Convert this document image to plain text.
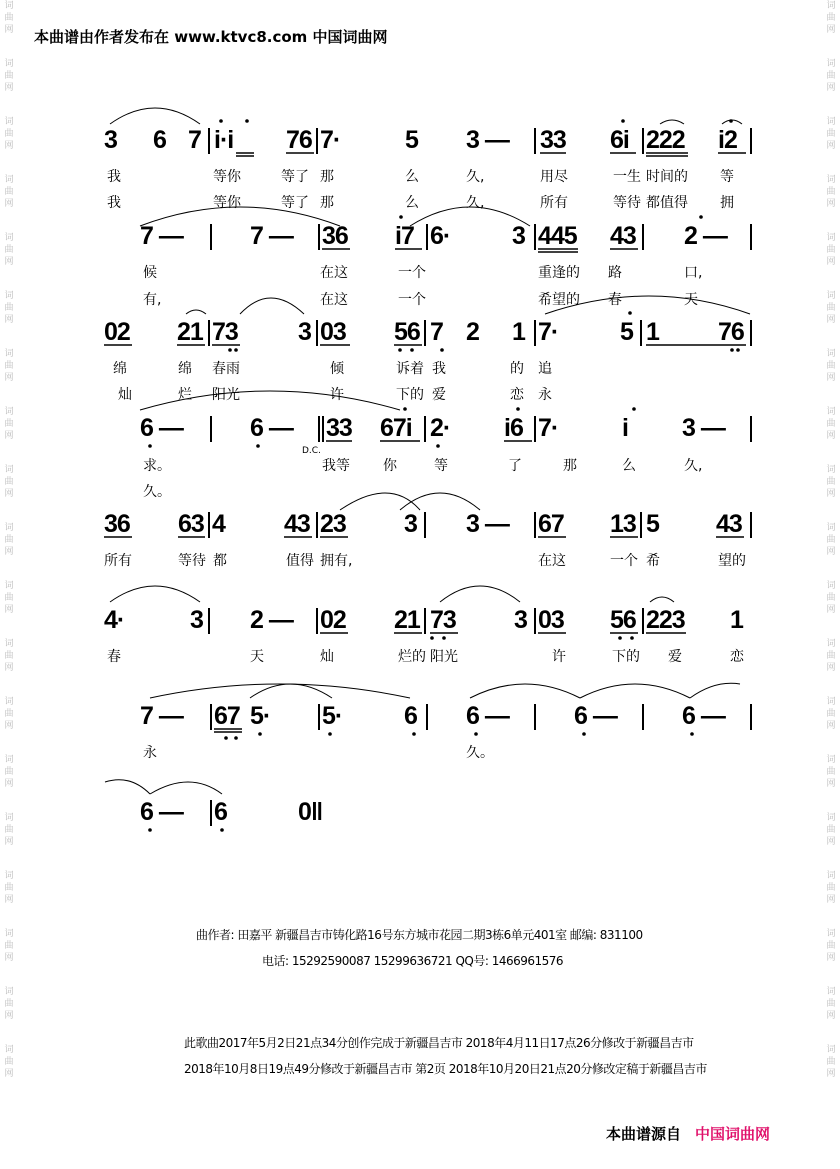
词
曲
网
词
曲
网
词
曲
网
词
曲
网
词
曲
网
词
曲
网
词
曲
网
词
曲
网
词
曲
网
词
曲
网
词
曲
网
词
曲
网
词
曲
网
词
曲
网
词
曲
网
词
曲
网
词
曲
网
词
曲
网
词
曲
网
词
曲
网
词
曲
网
词
曲
网
词
曲
网
词
曲
网
词
曲
网
词
曲
网
词
曲
网
词
曲
网
词
曲
网
词
曲
网
词
曲
网
词
曲
网
词
曲
网
词
曲
网
词
曲
网
词
曲
网
词
曲
网
词
曲
网
本曲谱由作者发布在 www.ktvc8.com 中国词曲网
3 6 7 i·i 76 7·	5 3 — 33 6i 222 i2
我	等你	等了 那	么	久,	用尽	一生 时间的 等
我	等你	等了 那	么	久,	所有	等待 都值得 拥
7 —	7 — 36 i7 6· 3 445 43 2 —
候	在这	一个	重逢的 路	口,
有,	在这	一个	希望的 春	天
02 21 73 3 03 56 7 2 1 7· 5 1 76
绵	绵 春雨	倾	诉着 我	的 追
灿	烂 阳光	许	下的 爱	恋 永
6 —	6 — 33 67i 2· i6 7·	i 3 —
D.C.
求。	我等 你	等	了	那	么	久,
久。
36 63 4 43 23 3 3 — 67 13 5 43
所有	等待 都	值得 拥有,	在这	一个 希	望的
4·	3 2 — 02 21 73 3 03 56 223 1
春	天	灿	烂的 阳光	许	下的 爱	恋
7 — 67 5· 5· 6 6 —	6 —	6 —
永	久。
6 — 6	0‖
曲作者: 田嘉平 新疆昌吉市铸化路16号东方城市花园二期3栋6单元401室 邮编: 831100
电话: 15292590087 15299636721 QQ号: 1466961576
此歌曲2017年5月2日21点34分创作完成于新疆昌吉市 2018年4月11日17点26分修改于新疆昌吉市
2018年10月8日19点49分修改于新疆昌吉市 第2页 2018年10月20日21点20分修改定稿于新疆昌吉市
本曲谱源自 中国词曲网
